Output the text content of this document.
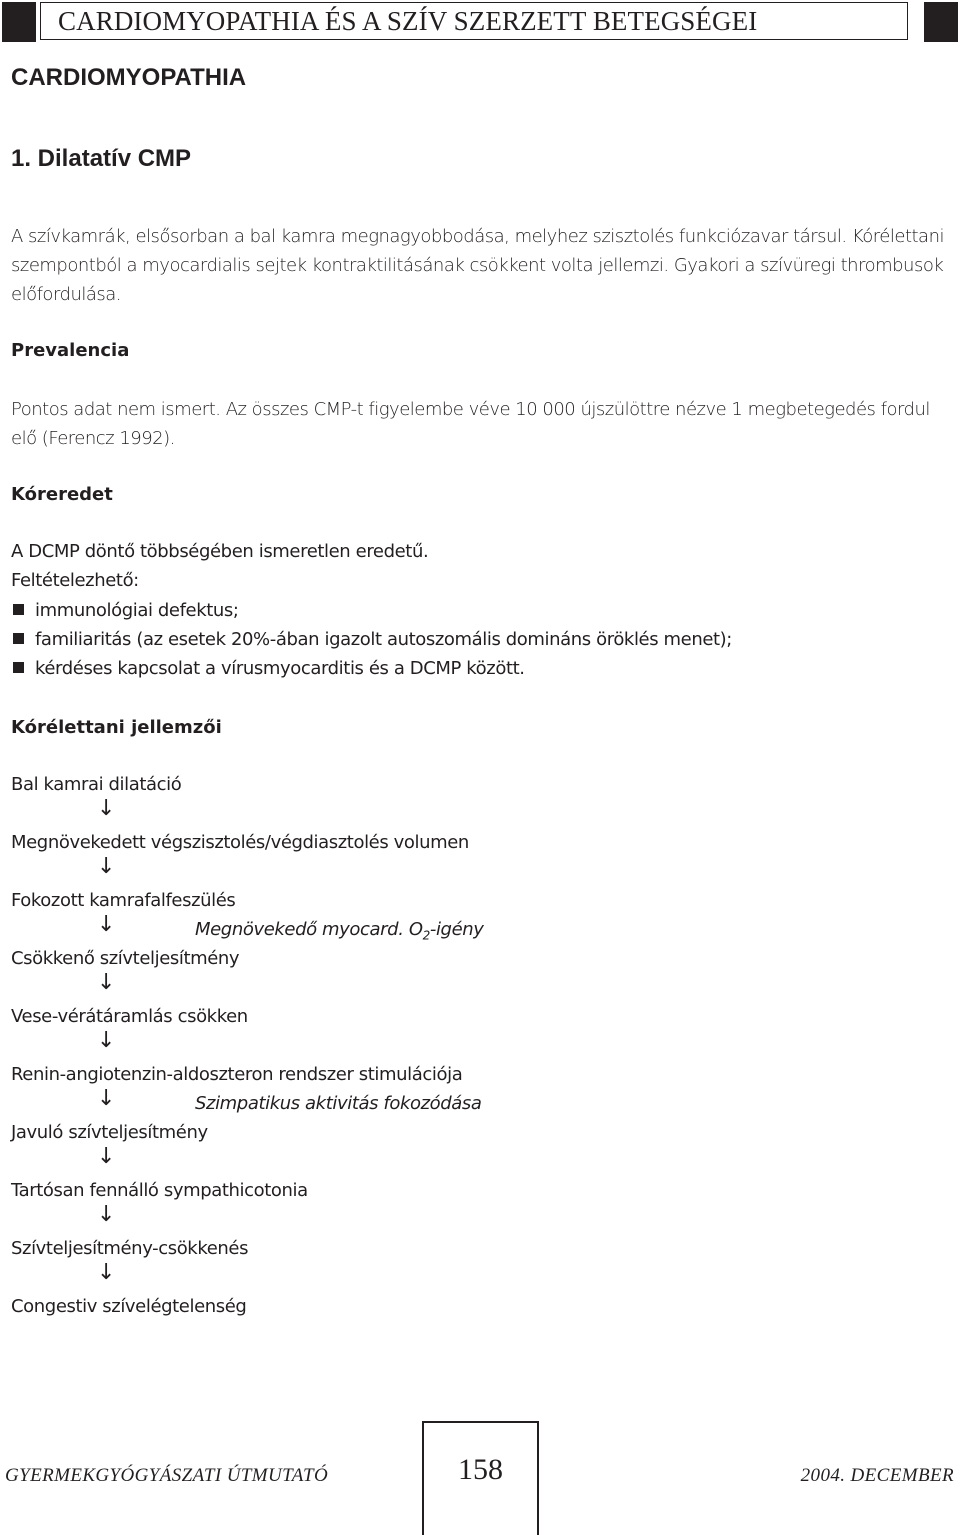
CARDIOMYOPATHIA ÉS A SZÍV SZERZETT BETEGSÉGEI
CARDIOMYOPATHIA
1. Dilatatív CMP
A szívkamrák, elsősorban a bal kamra megnagyobbodása, melyhez szisztolés funkciózavar társul. Kórélettani szempontból a myocardialis sejtek kontraktilitásának csökkent volta jellemzi. Gyakori a szívüregi thrombusok előfordulása.
Prevalencia
Pontos adat nem ismert. Az összes CMP-t figyelembe véve 10 000 újszülöttre nézve 1 megbetegedés fordul elő (Ferencz 1992).
Kóreredet
A DCMP döntő többségében ismeretlen eredetű.
Feltételezhető:
immunológiai defektus;
familiaritás (az esetek 20%-ában igazolt autoszomális domináns öröklés menet);
kérdéses kapcsolat a vírusmyocarditis és a DCMP között.
Kórélettani jellemzői
Bal kamrai dilatáció
↓
Megnövekedett végszisztolés/végdiasztolés volumen
↓
Fokozott kamrafalfeszülés
↓	Megnövekedő myocard. $O_2$-igény
Csökkenő szívteljesítmény
↓
Vese-vérátáramlás csökken
↓
Renin-angiotenzin-aldoszteron rendszer stimulációja
↓	Szimpatikus aktivitás fokozódása
Javuló szívteljesítmény
↓
Tartósan fennálló sympathicotonia
↓
Szívteljesítmény-csökkenés
↓
Congestiv szívelégtelenség
GYERMEKGYÓGYÁSZATI ÚTMUTATÓ	158	2004. DECEMBER
